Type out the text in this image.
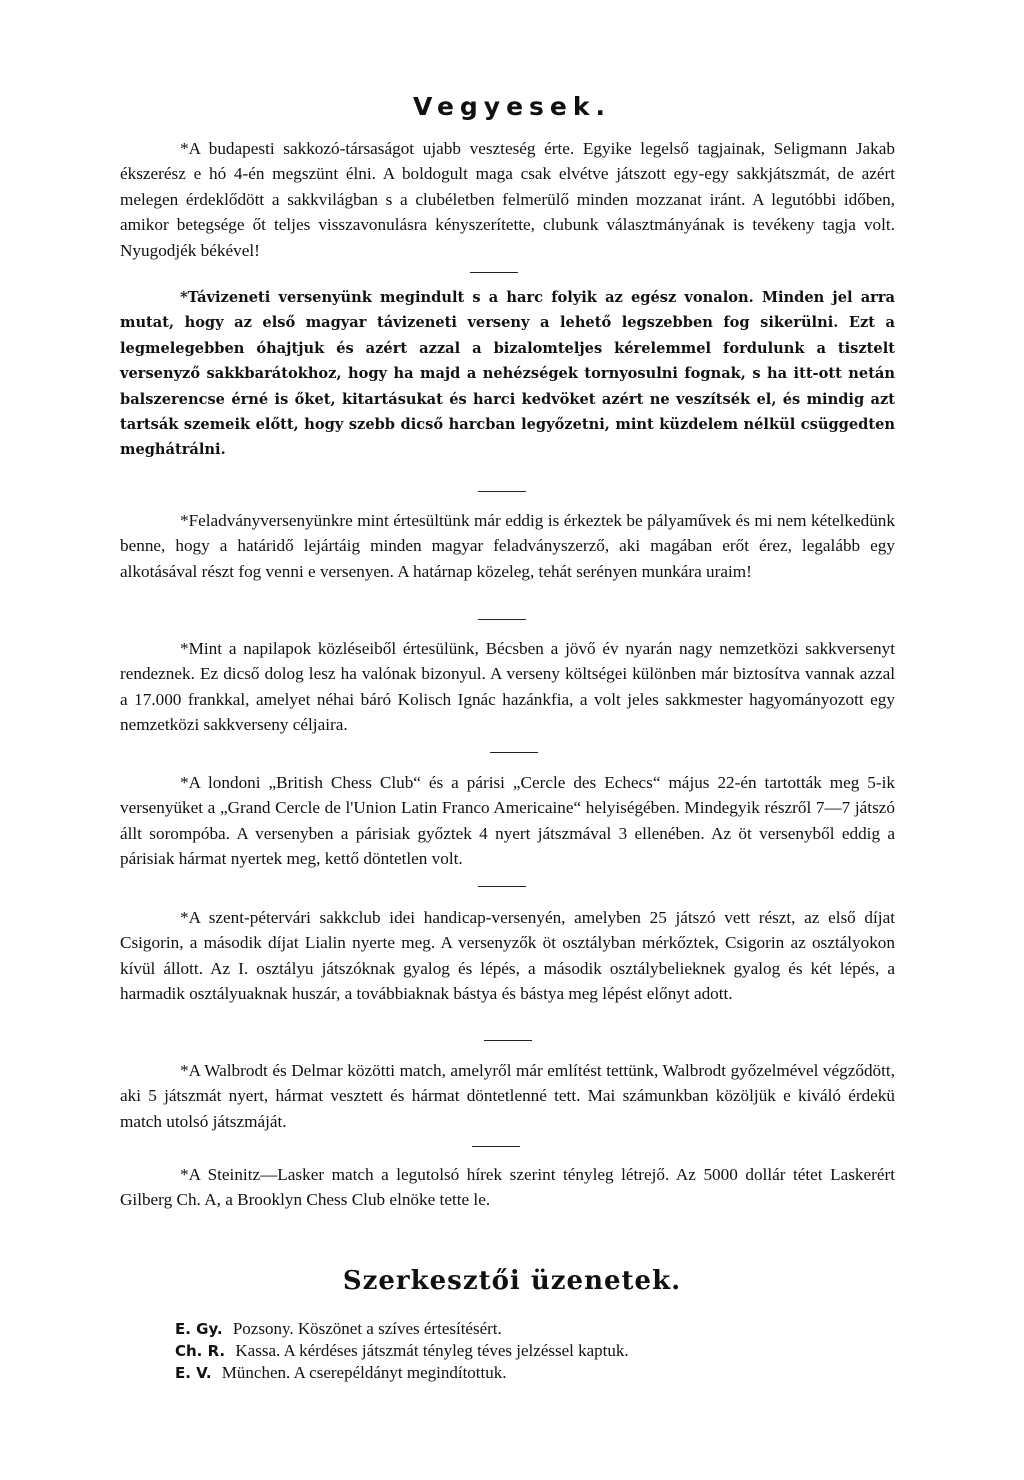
Vegyesek.

*A budapesti sakkozó-társaságot ujabb veszteség érte. Egyike legelső tagjainak, Seligmann Jakab ékszerész e hó 4-én megszünt élni. A boldogult maga csak elvétve játszott egy-egy sakkjátszmát, de azért melegen érdeklődött a sakkvilágban s a clubéletben felmerülő minden mozzanat iránt. A legutóbbi időben, amikor betegsége őt teljes visszavonulásra kényszerítette, clubunk választmányának is tevékeny tagja volt. Nyugodjék békével!

*Távizeneti versenyünk megindult s a harc folyik az egész vonalon. Minden jel arra mutat, hogy az első magyar távizeneti verseny a lehető legszebben fog sikerülni. Ezt a legmelegebben óhajtjuk és azért azzal a bizalomteljes kérelemmel fordulunk a tisztelt versenyző sakkbarátokhoz, hogy ha majd a nehézségek tornyosulni fognak, s ha itt-ott netán balszerencse érné is őket, kitartásukat és harci kedvöket azért ne veszítsék el, és mindig azt tartsák szemeik előtt, hogy szebb dicső harcban legyőzetni, mint küzdelem nélkül csüggedten meghátrálni.

*Feladványversenyünkre mint értesültünk már eddig is érkeztek be pályaművek és mi nem kételkedünk benne, hogy a határidő lejártáig minden magyar feladványszerző, aki magában erőt érez, legalább egy alkotásával részt fog venni e versenyen. A határnap közeleg, tehát serényen munkára uraim!

*Mint a napilapok közléseiből értesülünk, Bécsben a jövő év nyarán nagy nemzetközi sakkversenyt rendeznek. Ez dicső dolog lesz ha valónak bizonyul. A verseny költségei különben már biztosítva vannak azzal a 17.000 frankkal, amelyet néhai báró Kolisch Ignác hazánkfia, a volt jeles sakkmester hagyományozott egy nemzetközi sakkverseny céljaira.

*A londoni „British Chess Club“ és a párisi „Cercle des Echecs“ május 22-én tartották meg 5-ik versenyüket a „Grand Cercle de l'Union Latin Franco Americaine“ helyiségében. Mindegyik részről 7—7 játszó állt sorompóba. A versenyben a párisiak győztek 4 nyert játszmával 3 ellenében. Az öt versenyből eddig a párisiak hármat nyertek meg, kettő döntetlen volt.

*A szent-pétervári sakkclub idei handicap-versenyén, amelyben 25 játszó vett részt, az első díjat Csigorin, a második díjat Lialin nyerte meg. A versenyzők öt osztályban mérkőztek, Csigorin az osztályokon kívül állott. Az I. osztályu játszóknak gyalog és lépés, a második osztálybelieknek gyalog és két lépés, a harmadik osztályuaknak huszár, a továbbiaknak bástya és bástya meg lépést előnyt adott.

*A Walbrodt és Delmar közötti match, amelyről már említést tettünk, Walbrodt győzelmével végződött, aki 5 játszmát nyert, hármat vesztett és hármat döntetlenné tett. Mai számunkban közöljük e kiváló érdekü match utolsó játszmáját.

*A Steinitz—Lasker match a legutolsó hírek szerint tényleg létrejő. Az 5000 dollár tétet Laskerért Gilberg Ch. A, a Brooklyn Chess Club elnöke tette le.

Szerkesztői üzenetek.

E. Gy. Pozsony. Köszönet a szíves értesítésért.

Ch. R. Kassa. A kérdéses játszmát tényleg téves jelzéssel kaptuk.

E. V. München. A cserepéldányt megindítottuk.
